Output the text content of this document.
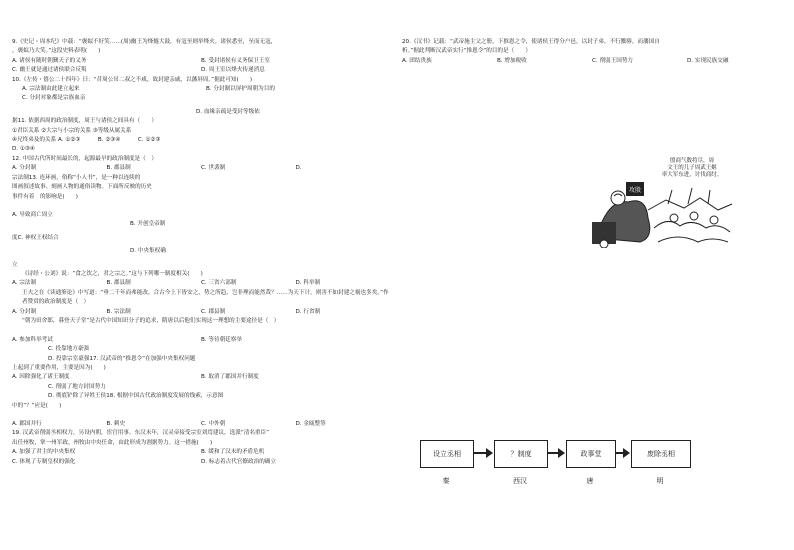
9.《史记・周本纪》中载：“褒姒不好笑……(周)幽王为烽燧大鼓，有寇至则举烽火。诸侯悉至，至而无寇，
，褒姒乃大笑。”这段史料表明(　　)
A. 诸侯有随时朝觐天子的义务	B. 受封诸侯有义务保卫王室
C. 幽王就是通过诸侯联合反叛	D. 周王室以烽火传递消息
10.《左传・僖公二十四年》曰：“昔周公吊二叔之不咸，故封建亲戚，以藩屏周。”据此可知(　　)
A. 宗法制由此建立起来	B. 分封制以屏护周朝为目的
C. 分封对象都是宗族血亲
D. 血缘亲疏是受封等级依
据11. 依据西周的政治制度，周王与诸侯之间具有（　　）
①君臣关系 ②大宗与小宗的关系 ③等级从属关系
④兄终弟及的关系 A. ①②③	B. ②③④	C. ①②③
D. ①③④
12. 中国古代所时间最长的，起源最早的政治制度是（　）
A. 分封制	B. 郡县制	C. 世袭制	D.
宗法制13. 连环画，俗称“小人书”，是一种以连续的
图画叙述故事、刻画人物的通俗读物。下面所反映的历史
事件有着　的影响是(　　)
A. 导致商亡周立
B. 开创皇帝制
度C. 神权王权结合
D. 中央集权确
立
《诗经・公刘》说：“食之饮之，君之宗之。”这与下列哪一制度相关(　　)
A. 宗法制	B. 郡县制	C. 三省六部制	D. 科举制
王夫之在《读通鉴论》中写道：“垂二千年而弗能改，合古今上下皆安之，势之所趋，岂非理而能然哉？……为天下计，则害不如封建之祸也多矣。”作者赞赏的政治制度是（　）
A. 分封制	B. 宗法制	C. 郡县制	D. 行省制
“朝为田舍郎，暮登天子堂”是古代中国知识分子的追求，隋唐以后他们实现这一理想的主要途径是（　）
A. 参加科举考试	B. 等待朝廷察举
C. 投靠地方豪强
D. 投靠宗室豪强17. 汉武帝的“推恩令”在加强中央集权问题
上起到了重要作用，主要是因为(　　)
A. 因除强化了诸王制度	B. 取消了郡国并行制度
C. 削弱了地方封国势力
D. 彻底铲除了异姓王侯18. 根据中国古代政治制度发展的线索，示意图
中的“？”应是(　　)
A. 郡国并行	B. 刺史	C. 中外朝	D. 金瓯整签
19. 汉武帝削弱丞相权力，另设内朝，宦官用事。东汉末年，汉灵帝接受宗室刘焉建议，选派“清名重臣”
出任州牧，掌一州军政，州牧由中央任命，由此形成为割据势力。这一措施(　　)
A. 加强了君主的中央集权	B. 缓和了汉末的矛盾危机
C. 体现了专制皇权的强化	D. 标志着古代官僚政治的确立
20.《汉书》记载：“武帝施主父之册，下推恩之令，使诸侯王得分户邑，以封子弟，不行黜陟，而藩国自
析。”据此判断汉武帝实行“推恩令”的目的是（　　）
A. 团结贵族	B. 增加税收	C. 削弱王国势力	D. 实现民族交融
殷商气数将尽，周
文王的儿子周武王姬
率大军东进，讨伐商纣。
攻殷
设立丞相	？制度	政事堂	废除丞相
秦	西汉	唐	明
